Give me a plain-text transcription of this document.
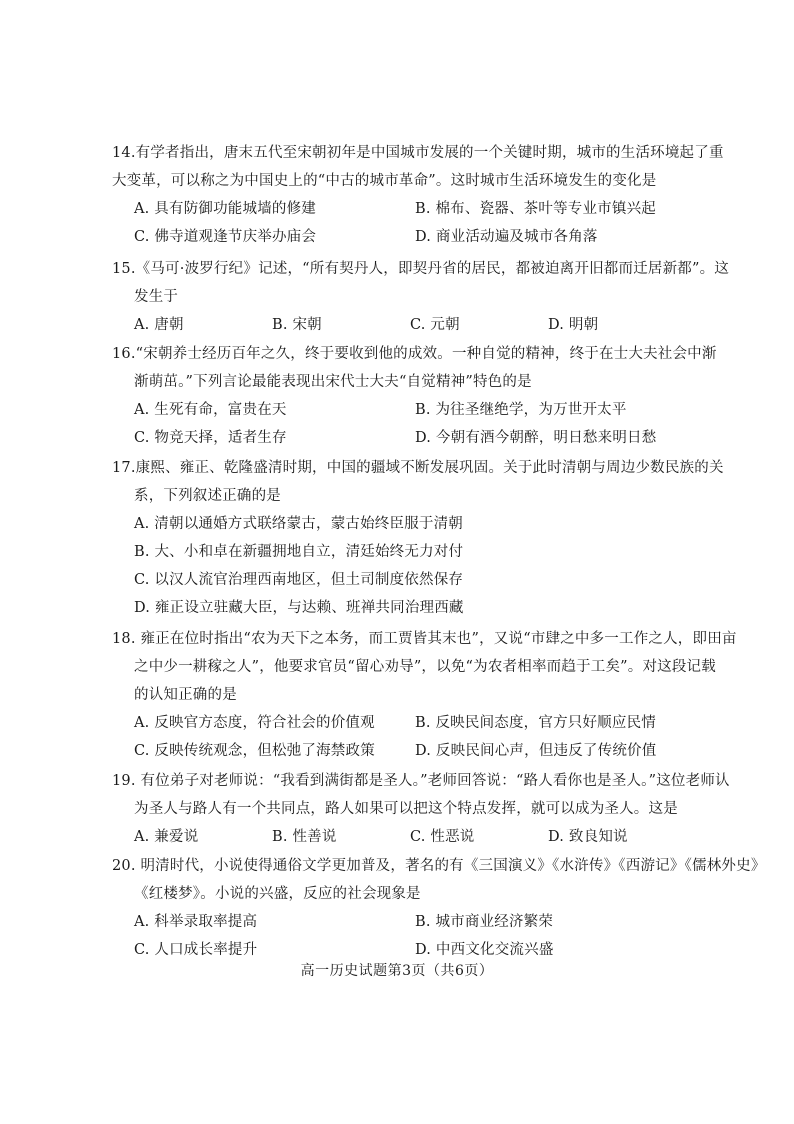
14.有学者指出，唐末五代至宋朝初年是中国城市发展的一个关键时期，城市的生活环境起了重
大变革，可以称之为中国史上的“中古的城市革命”。这时城市生活环境发生的变化是
A. 具有防御功能城墙的修建	B. 棉布、瓷器、茶叶等专业市镇兴起
C. 佛寺道观逢节庆举办庙会	D. 商业活动遍及城市各角落
15.《马可·波罗行纪》记述，“所有契丹人，即契丹省的居民，都被迫离开旧都而迁居新都”。这
发生于
A. 唐朝	B. 宋朝	C. 元朝	D. 明朝
16.“宋朝养士经历百年之久，终于要收到他的成效。一种自觉的精神，终于在士大夫社会中渐
渐萌茁。”下列言论最能表现出宋代士大夫“自觉精神”特色的是
A. 生死有命，富贵在天	B. 为往圣继绝学，为万世开太平
C. 物竞天择，适者生存	D. 今朝有酒今朝醉，明日愁来明日愁
17.康熙、雍正、乾隆盛清时期，中国的疆域不断发展巩固。关于此时清朝与周边少数民族的关
系，下列叙述正确的是
A. 清朝以通婚方式联络蒙古，蒙古始终臣服于清朝
B. 大、小和卓在新疆拥地自立，清廷始终无力对付
C. 以汉人流官治理西南地区，但土司制度依然保存
D. 雍正设立驻藏大臣，与达赖、班禅共同治理西藏
18. 雍正在位时指出“农为天下之本务，而工贾皆其末也”，又说“市肆之中多一工作之人，即田亩
之中少一耕稼之人”，他要求官员“留心劝导”，以免“为农者相率而趋于工矣”。对这段记载
的认知正确的是
A. 反映官方态度，符合社会的价值观	B. 反映民间态度，官方只好顺应民情
C. 反映传统观念，但松弛了海禁政策	D. 反映民间心声，但违反了传统价值
19. 有位弟子对老师说：“我看到满街都是圣人。”老师回答说：“路人看你也是圣人。”这位老师认
为圣人与路人有一个共同点，路人如果可以把这个特点发挥，就可以成为圣人。这是
A. 兼爱说	B. 性善说	C. 性恶说	D. 致良知说
20. 明清时代，小说使得通俗文学更加普及，著名的有《三国演义》《水浒传》《西游记》《儒林外史》
《红楼梦》。小说的兴盛，反应的社会现象是
A. 科举录取率提高	B. 城市商业经济繁荣
C. 人口成长率提升	D. 中西文化交流兴盛
高一历史试题第3页（共6页）
